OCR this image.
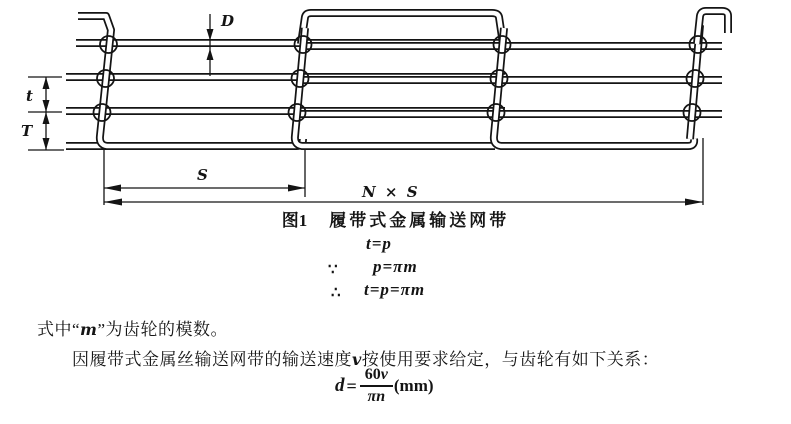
D
t
T
S
N × S
图1 履带式金属输送网带
t=p
∵ p=πm
∴ t=p=πm

式中“m”为齿轮的模数。

因履带式金属丝输送网带的输送速度v按使用要求给定，与齿轮有如下关系：

$d = \frac{60v}{\pi n} (mm)$
